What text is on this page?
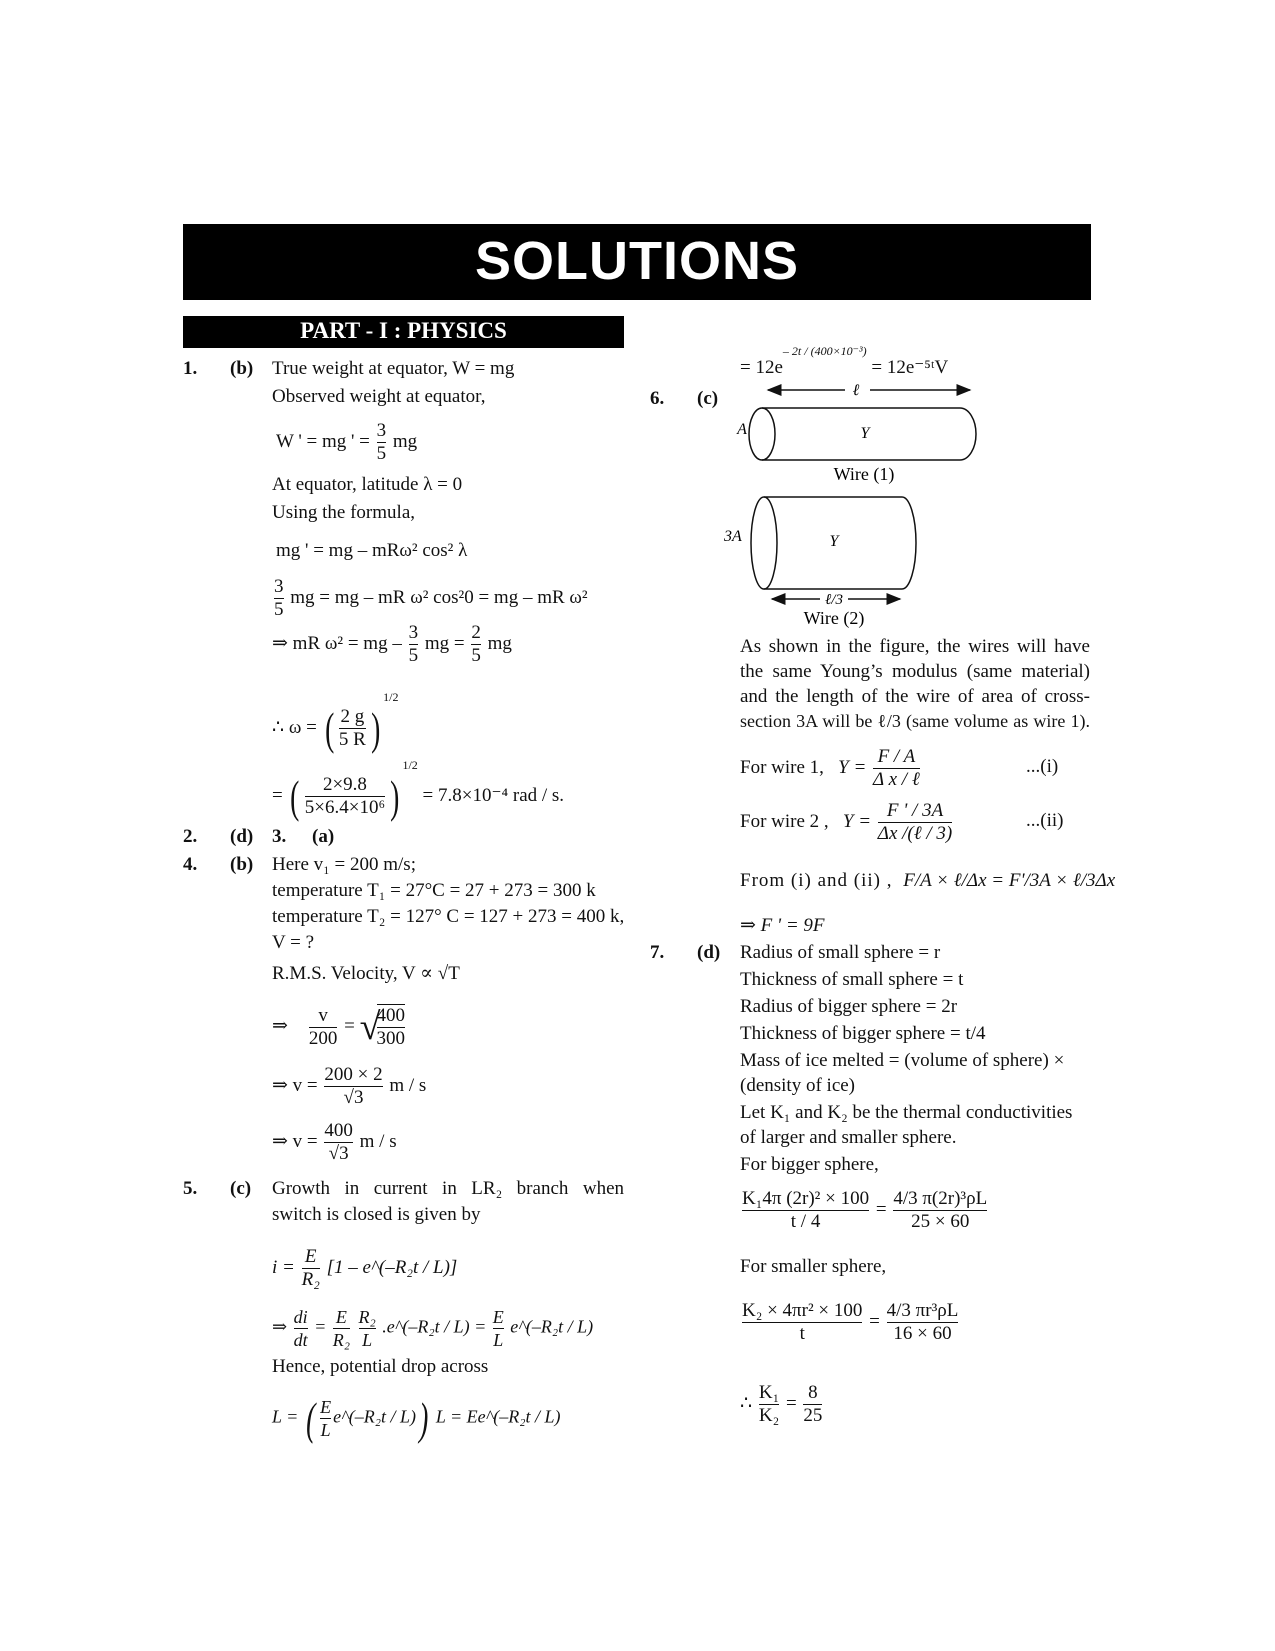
SOLUTIONS
PART - I : PHYSICS
1. (b) True weight at equator, W = mg
Observed weight at equator,
W ' = mg ' = $\frac{3}{5}$ mg
At equator, latitude λ = 0
Using the formula,
mg ' = mg – mRω² cos² λ
$\frac{3}{5}$ mg = mg – mR ω² cos²0 = mg – mR ω²
⇒ mR ω² = mg – $\frac{3}{5}$ mg = $\frac{2}{5}$ mg
∴ ω = ( $\frac{2 g}{5 R} )^{1/2}$
= ( $\frac{2\times 9.8}{\text{5×6.4×10⁶}} )^{1/2} = 7.8\times 10^{-4}$ rad / s.
2. (d) 3. (a)
4. (b) Here v₁ = 200 m/s;
temperature T₁ = 27°C = 27 + 273 = 300 k
temperature T₂ = 127° C = 127 + 273 = 400 k,
V = ?
R.M.S. Velocity, V ∝ √T
⇒ $\frac{v}{200}$ = √
$\frac{400}{300}$
⇒ $v = \frac{200 \times 2}{√3}$ m / s
⇒ $v = \frac{400}{√3}$ m / s
5. (c) Growth in current in LR₂ branch when
switch is closed is given by
$i = \frac{E}{\text{R₂}} [1$ – e^(–R₂t / L)]
⇒ $\frac{di}{dt} = \frac{E}{\text{R₂}}$
$\frac{\text{R₂}}{L}$ .e^(–R₂t / $L) = \frac{E}{L}$ e^(–R₂t / L)
Hence, potential drop across
L = ( $\frac{E}{L}$ e^(–R₂t / L)) L = Ee^(–R₂t / L)
= $12e^{- 2t / (400\times 10^{-3})}$ = 12e⁻⁵ᵗV
6. (c)	ℓ
A	Y
Wire (1)
3A	Y
ℓ/3
Wire (2)
As shown in the figure, the wires will have
the same Young’s modulus (same material)
and the length of the wire of area of cross-
section 3A will be ℓ/3 (same volume as wire 1).
For wire 1, $Y = \frac{F / A}{\text{Δ x / ℓ}}$	...(i)
For wire 2 , $Y = \frac{F ' / 3A}{\text{Δx /(ℓ / 3)}}$	...(ii)
From (i) and (ii) , F/A × ℓ/Δx = F'/3A × ℓ/3Δx
⇒ F ' = 9F
7. (d) Radius of small sphere = r
Thickness of small sphere = t
Radius of bigger sphere = 2r
Thickness of bigger sphere = t/4
Mass of ice melted = (volume of sphere) ×
(density of ice)
Let K₁ and K₂ be the thermal conductivities
of larger and smaller sphere.
For bigger sphere,
$\frac{\text{K₁4π (2r)² × 100}}{t / 4} = \frac{\text{4/3 π(2r)³ρL}}{25 \times 60}$
For smaller sphere,
$\frac{\text{K₂ × 4πr² × 100}}{t} = \frac{\text{4/3 πr³ρL}}{16 \times 60}$
∴ $\frac{\text{K₁}}{\text{K₂}} = \frac{8}{25}$
